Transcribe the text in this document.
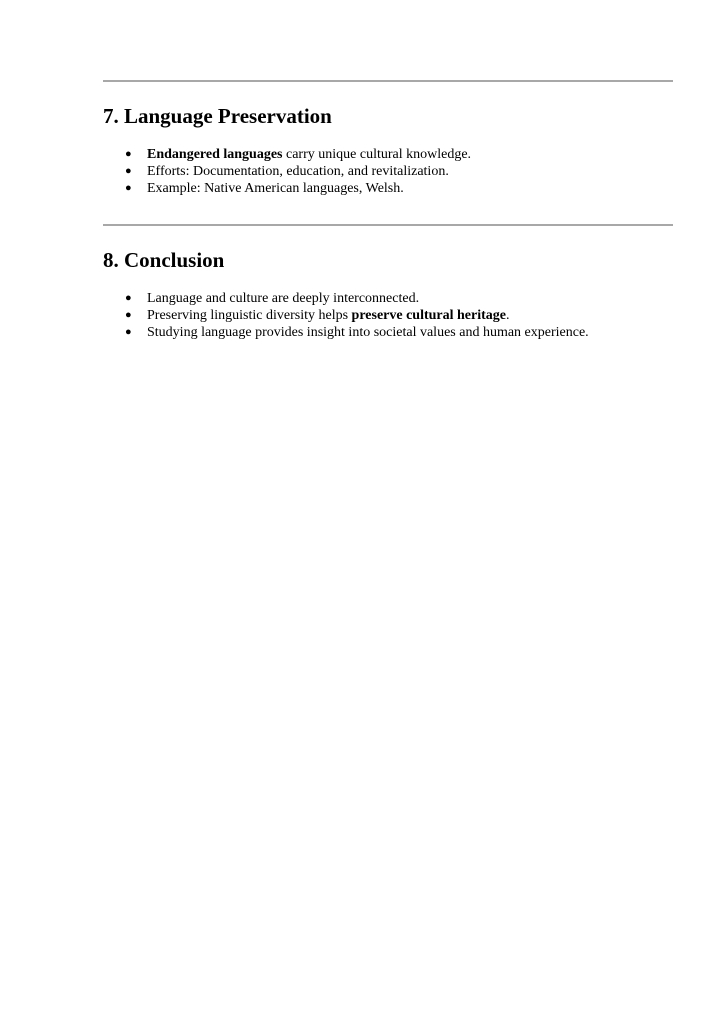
7. Language Preservation
● Endangered languages carry unique cultural knowledge.
● Efforts: Documentation, education, and revitalization.
● Example: Native American languages, Welsh.
8. Conclusion
● Language and culture are deeply interconnected.
● Preserving linguistic diversity helps preserve cultural heritage.
● Studying language provides insight into societal values and human experience.
